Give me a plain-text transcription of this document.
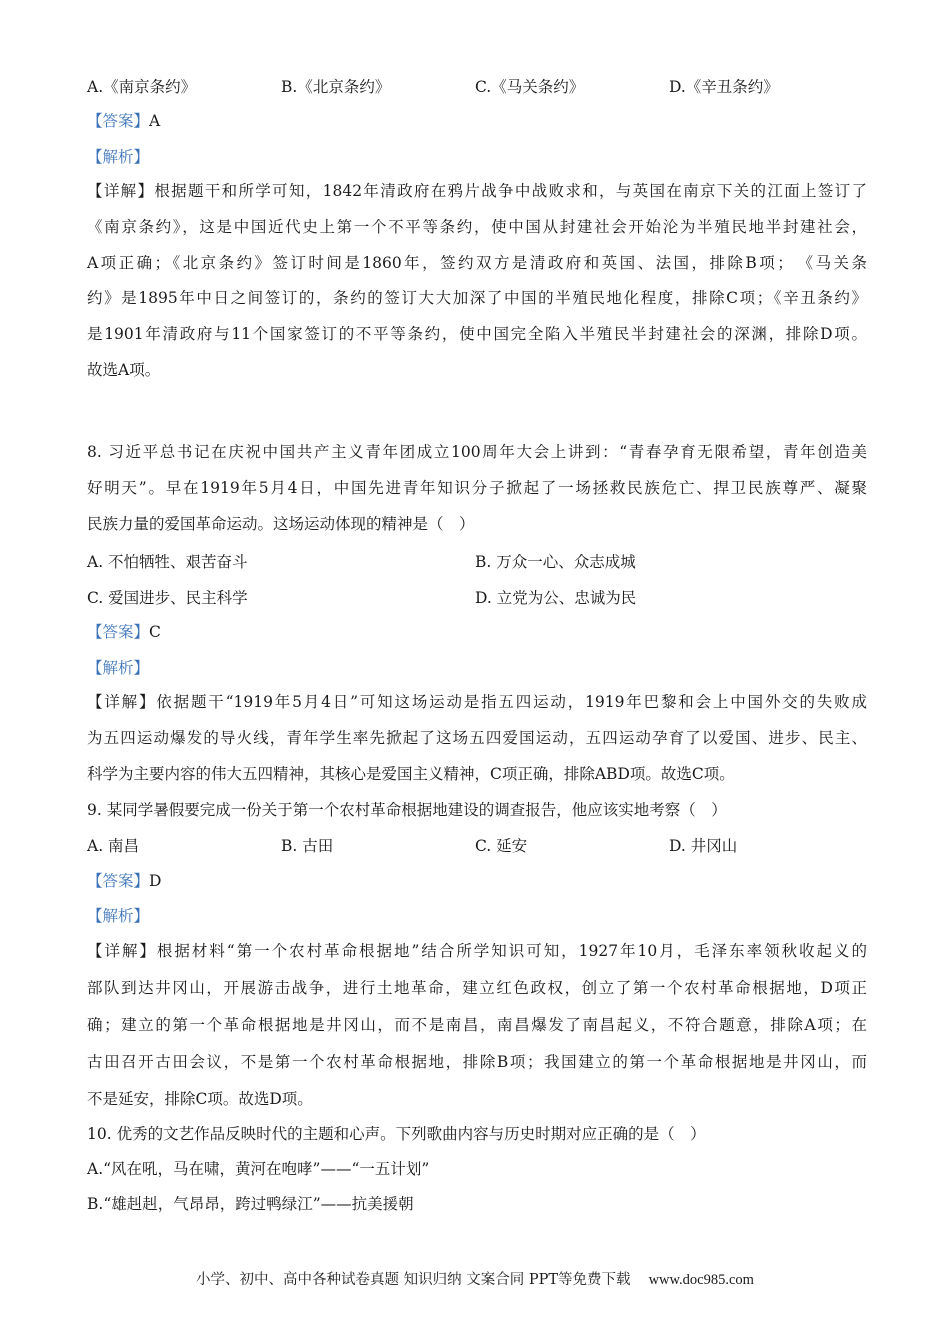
A.《南京条约》	B.《北京条约》	C.《马关条约》	D.《辛丑条约》
【答案】A
【解析】
【详解】根据题干和所学可知，1842年清政府在鸦片战争中战败求和，与英国在南京下关的江面上签订了
《南京条约》，这是中国近代史上第一个不平等条约，使中国从封建社会开始沦为半殖民地半封建社会，
A项正确；《北京条约》签订时间是1860年，签约双方是清政府和英国、法国，排除B项；　《马关条
约》是1895年中日之间签订的，条约的签订大大加深了中国的半殖民地化程度，排除C项；《辛丑条约》
是1901年清政府与11个国家签订的不平等条约，使中国完全陷入半殖民半封建社会的深渊，排除D项。
故选A项。
8. 习近平总书记在庆祝中国共产主义青年团成立100周年大会上讲到：“青春孕育无限希望，青年创造美
好明天”。早在1919年5月4日，中国先进青年知识分子掀起了一场拯救民族危亡、捍卫民族尊严、凝聚
民族力量的爱国革命运动。这场运动体现的精神是（　）
A. 不怕牺牲、艰苦奋斗	B. 万众一心、众志成城
C. 爱国进步、民主科学	D. 立党为公、忠诚为民
【答案】C
【解析】
【详解】依据题干“1919年5月4日”可知这场运动是指五四运动，1919年巴黎和会上中国外交的失败成
为五四运动爆发的导火线，青年学生率先掀起了这场五四爱国运动，五四运动孕育了以爱国、进步、民主、
科学为主要内容的伟大五四精神，其核心是爱国主义精神，C项正确，排除ABD项。故选C项。
9. 某同学暑假要完成一份关于第一个农村革命根据地建设的调查报告，他应该实地考察（　）
A. 南昌	B. 古田	C. 延安	D. 井冈山
【答案】D
【解析】
【详解】根据材料“第一个农村革命根据地”结合所学知识可知，1927年10月，毛泽东率领秋收起义的
部队到达井冈山，开展游击战争，进行土地革命，建立红色政权，创立了第一个农村革命根据地，D项正
确；建立的第一个革命根据地是井冈山，而不是南昌，南昌爆发了南昌起义，不符合题意，排除A项；在
古田召开古田会议，不是第一个农村革命根据地，排除B项；我国建立的第一个革命根据地是井冈山，而
不是延安，排除C项。故选D项。
10. 优秀的文艺作品反映时代的主题和心声。下列歌曲内容与历史时期对应正确的是（　）
A.“风在吼，马在啸，黄河在咆哮”——“一五计划”
B.“雄赳赳，气昂昂，跨过鸭绿江”——抗美援朝
小学、初中、高中各种试卷真题 知识归纳 文案合同 PPT等免费下载 www.doc985.com
